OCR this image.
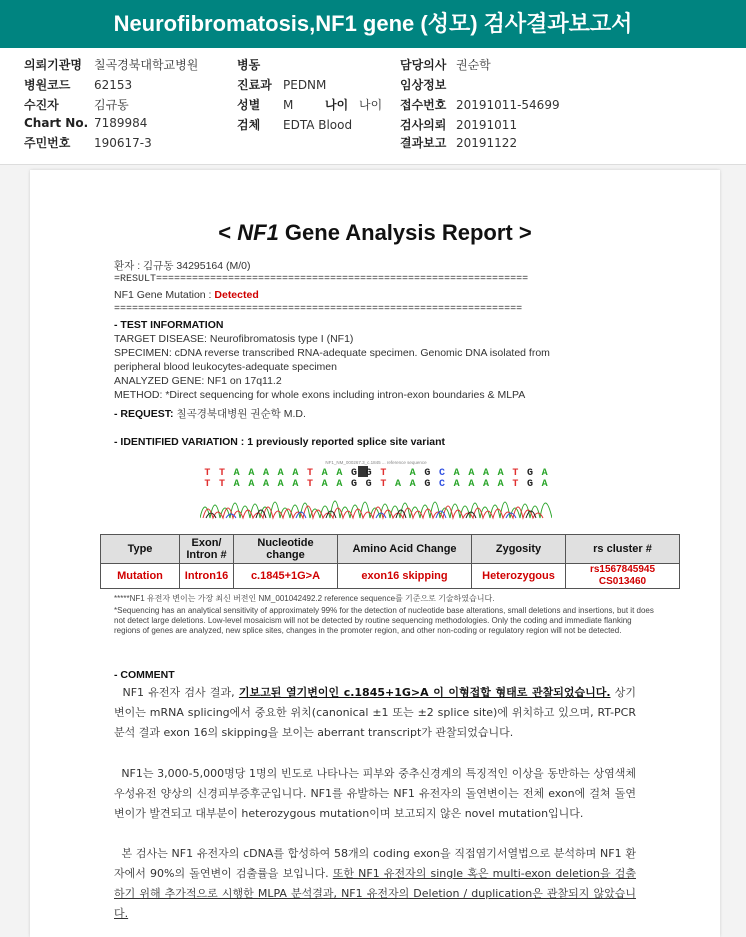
Neurofibromatosis,NF1 gene (성모) 검사결과보고서
의뢰기관명 칠곡경북대학교병원
병원코드 62153
수진자	김규동
Chart No. 7189984
주민번호 190617-3
병동
진료과 PEDNM
성별 M	나이 나이
검체 EDTA Blood
담당의사 권순학
임상정보
접수번호 20191011-54699
검사의뢰 20191011
결과보고 20191122
< NF1 Gene Analysis Report >
환자 : 김규동 34295164 (M/0)
=RESULT==============================================================
NF1 Gene Mutation : Detected
====================================================================
- TEST INFORMATION
TARGET DISEASE: Neurofibromatosis type I (NF1)
SPECIMEN: cDNA reverse transcribed RNA-adequate specimen. Genomic DNA isolated from
peripheral blood leukocytes-adequate specimen
ANALYZED GENE: NF1 on 17q11.2
METHOD: *Direct sequencing for whole exons including intron-exon boundaries & MLPA
- REQUEST: 칠곡경북대병원 권순학 M.D.
- IDENTIFIED VARIATION : 1 previously reported splice site variant
NF1_NM_000267.3_c.1845 ... reference sequence
T
T
T
T
A
A
A
A
A
A
A
A
A
A
T
T
A
A
A
A
G
G
G
G
T
T
A
A
A
A
G
G
C
C
A
A
A
A
A
A
A
A
T
T
G
G
A
A
Type	Exon/ Intron #	Nucleotide change	Amino Acid Change	Zygosity	rs cluster #
Mutation	Intron16	c.1845+1G>A	exon16 skipping	Heterozygous	rs1567845945 CS013460
*****NF1 유전자 변이는 가장 최신 버전인 NM_001042492.2 reference sequence를 기준으로 기술하였습니다.
*Sequencing has an analytical sensitivity of approximately 99% for the detection of nucleotide base alterations, small deletions and insertions, but it does not detect large deletions. Low-level mosaicism will not be detected by routine sequencing methodologies. Only the coding and immediate flanking regions of genes are analyzed, new splice sites, changes in the promoter region, and other non-coding or regulatory region will not be detected.
- COMMENT
NF1 유전자 검사 결과, 기보고된 열기변이인 c.1845+1G>A 이 이형접합 형태로 관찰되었습니다. 상기 변이는 mRNA splicing에서 중요한 위치(canonical ±1 또는 ±2 splice site)에 위치하고 있으며, RT-PCR 분석 결과 exon 16의 skipping을 보이는 aberrant transcript가 관찰되었습니다.
NF1는 3,000-5,000명당 1명의 빈도로 나타나는 피부와 중추신경계의 특징적인 이상을 동반하는 상염색체 우성유전 양상의 신경피부증후군입니다. NF1를 유발하는 NF1 유전자의 돌연변이는 전체 exon에 걸쳐 돌연변이가 발견되고 대부분이 heterozygous mutation이며 보고되지 않은 novel mutation입니다.
본 검사는 NF1 유전자의 cDNA를 합성하여 58개의 coding exon을 직접염기서열법으로 분석하며 NF1 환자에서 90%의 돌연변이 검출률을 보입니다. 또한 NF1 유전자의 single 혹은 multi-exon deletion을 검출하기 위해 추가적으로 시행한 MLPA 분석결과, NF1 유전자의 Deletion / duplication은 관찰되지 않았습니다.
